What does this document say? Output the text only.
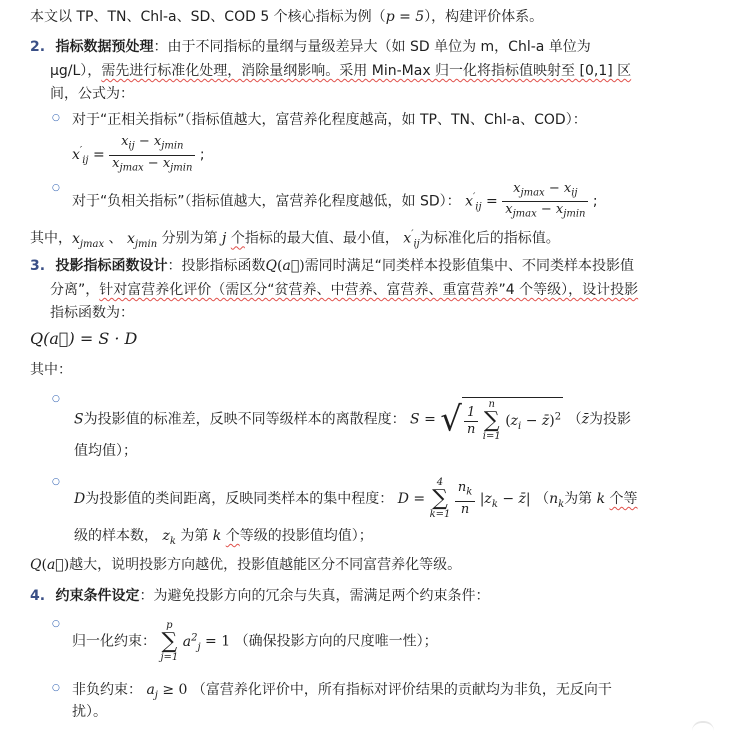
本文以 TP、TN、Chl-a、SD、COD 5 个核心指标为例（p = 5），构建评价体系。
2. 指标数据预处理：由于不同指标的量纲与量级差异大（如 SD 单位为 m，Chl-a 单位为
μg/L），需先进行标准化处理，消除量纲影响。采用 Min-Max 归一化将指标值映射至 [0,1] 区
间，公式为：
○ 对于“正相关指标”（指标值越大，富营养化程度越高，如 TP、TN、Chl-a、COD）：
$x'_{ij} = \frac{x_{ij} - x_{jmin}}{x_{jmax} - x_{jmin}}$ ;
○
对于“负相关指标”（指标值越大，富营养化程度越低，如 SD）： $x'_{ij} = \frac{x_{jmax} - x_{ij}}{x_{jmax} - x_{jmin}}$ ;
其中，$x_{jmax}$ 、 $x_{jmin}$ 分别为第 j 个指标的最大值、最小值， $x'_{ij}$为标准化后的指标值。
3. 投影指标函数设计：投影指标函数Q(a⃗)需同时满足“同类样本投影值集中、不同类样本投影值
分离”，针对富营养化评价（需区分“贫营养、中营养、富营养、重富营养”4 个等级），设计投影
指标函数为：
Q(a⃗) = S · D
其中：
○
S为投影值的标准差，反映不同等级样本的离散程度： S = √ $\frac{1}{n}$
	n
∑
i=1
($z_i$ − z̄)$^2$ （z̄为投影
值均值）；
○
D为投影值的类间距离，反映同类样本的集中程度： D =
4
∑
k=1
$\frac{n_k}{n} |z_k$ − z̄| （$n_k$为第 k 个等
级的样本数， $z_k$ 为第 k 个等级的投影值均值）；
Q(a⃗)越大，说明投影方向越优，投影值越能区分不同富营养化等级。
4. 约束条件设定：为避免投影方向的冗余与失真，需满足两个约束条件：
○
归一化约束：
p
∑
j=1
$a^2_j = 1$ （确保投影方向的尺度唯一性）；
○ 非负约束： $a_j \ge 0$ （富营养化评价中，所有指标对评价结果的贡献均为非负，无反向干
扰）。
